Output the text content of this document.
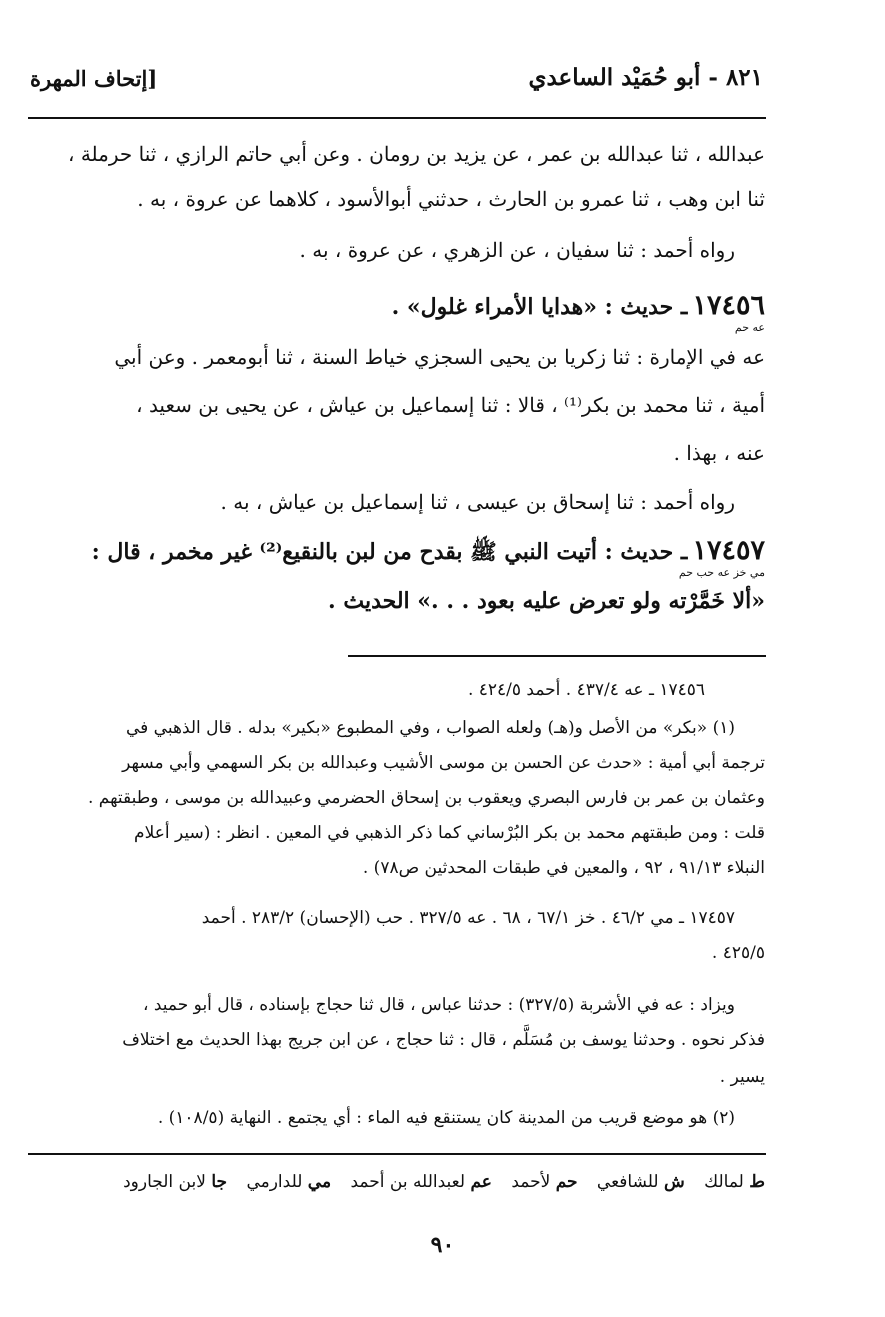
[إتحاف المهرة	٨٢١ - أبو حُمَيْد الساعدي
عبدالله ، ثنا عبدالله بن عمر ، عن يزيد بن رومان . وعن أبي حاتم الرازي ، ثنا حرملة ،
ثنا ابن وهب ، ثنا عمرو بن الحارث ، حدثني أبوالأسود ، كلاهما عن عروة ، به .
رواه أحمد : ثنا سفيان ، عن الزهري ، عن عروة ، به .
١٧٤٥٦ ـ حديث : «هدايا الأمراء غلول» .
عه حم
عه في الإمارة : ثنا زكريا بن يحيى السجزي خياط السنة ، ثنا أبومعمر . وعن أبي
أمية ، ثنا محمد بن بكر⁽¹⁾ ، قالا : ثنا إسماعيل بن عياش ، عن يحيى بن سعيد ،
عنه ، بهذا .
رواه أحمد : ثنا إسحاق بن عيسى ، ثنا إسماعيل بن عياش ، به .
١٧٤٥٧ ـ حديث : أتيت النبي ﷺ بقدح من لبن بالنقيع⁽²⁾ غير مخمر ، قال :
مي خز عه حب حم
«ألا خَمَّرْته ولو تعرض عليه بعود . . .» الحديث .
١٧٤٥٦ ـ عه ٤٣٧/٤ . أحمد ٤٢٤/٥ .
(١) «بكر» من الأصل و(هـ) ولعله الصواب ، وفي المطبوع «بكير» بدله . قال الذهبي في
ترجمة أبي أمية : «حدث عن الحسن بن موسى الأشيب وعبدالله بن بكر السهمي وأبي مسهر
وعثمان بن عمر بن فارس البصري ويعقوب بن إسحاق الحضرمي وعبيدالله بن موسى ، وطبقتهم .
قلت : ومن طبقتهم محمد بن بكر البُرْساني كما ذكر الذهبي في المعين . انظر : (سير أعلام
النبلاء ٩١/١٣ ، ٩٢ ، والمعين في طبقات المحدثين ص٧٨) .
١٧٤٥٧ ـ مي ٤٦/٢ . خز ٦٧/١ ، ٦٨ . عه ٣٢٧/٥ . حب (الإحسان) ٢٨٣/٢ . أحمد
٤٢٥/٥ .
ويزاد : عه في الأشربة (٣٢٧/٥) : حدثنا عباس ، قال ثنا حجاج بإسناده ، قال أبو حميد ،
فذكر نحوه . وحدثنا يوسف بن مُسَلَّم ، قال : ثنا حجاج ، عن ابن جريج بهذا الحديث مع اختلاف
يسير .
(٢) هو موضع قريب من المدينة كان يستنقع فيه الماء : أي يجتمع . النهاية (١٠٨/٥) .
ط لمالك ش للشافعي حم لأحمد عم لعبدالله بن أحمد مي للدارمي جا لابن الجارود
٩٠
